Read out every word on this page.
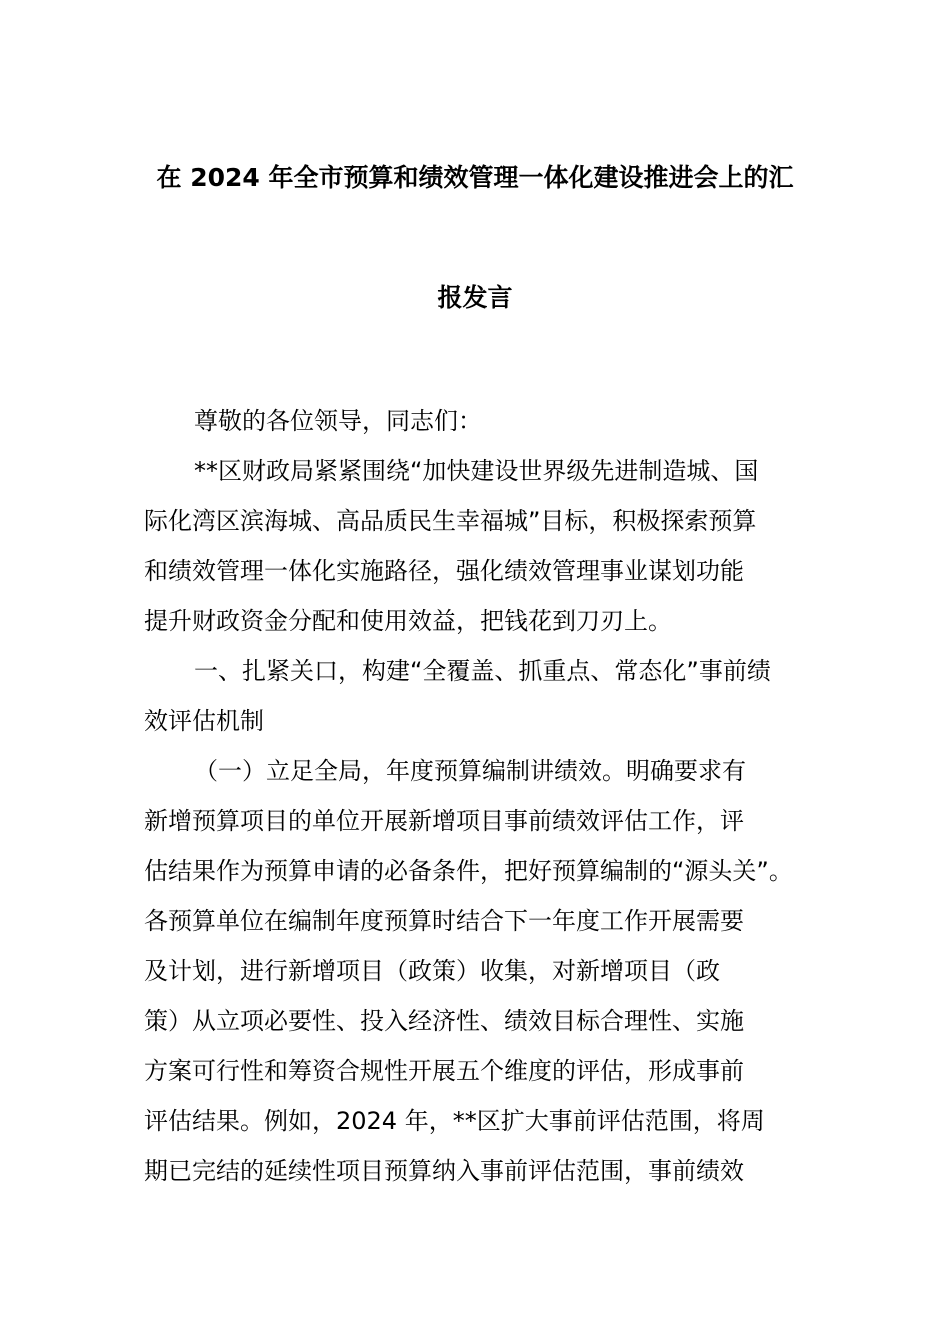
在 2024 年全市预算和绩效管理一体化建设推进会上的汇
报发言
尊敬的各位领导，同志们：
**区财政局紧紧围绕“加快建设世界级先进制造城、国
际化湾区滨海城、高品质民生幸福城”目标，积极探索预算
和绩效管理一体化实施路径，强化绩效管理事业谋划功能
提升财政资金分配和使用效益，把钱花到刀刃上。
一、扎紧关口，构建“全覆盖、抓重点、常态化”事前绩
效评估机制
（一）立足全局，年度预算编制讲绩效。明确要求有
新增预算项目的单位开展新增项目事前绩效评估工作，评
估结果作为预算申请的必备条件，把好预算编制的“源头关”。
各预算单位在编制年度预算时结合下一年度工作开展需要
及计划，进行新增项目（政策）收集，对新增项目（政
策）从立项必要性、投入经济性、绩效目标合理性、实施
方案可行性和筹资合规性开展五个维度的评估，形成事前
评估结果。例如，2024 年，**区扩大事前评估范围，将周
期已完结的延续性项目预算纳入事前评估范围，事前绩效
